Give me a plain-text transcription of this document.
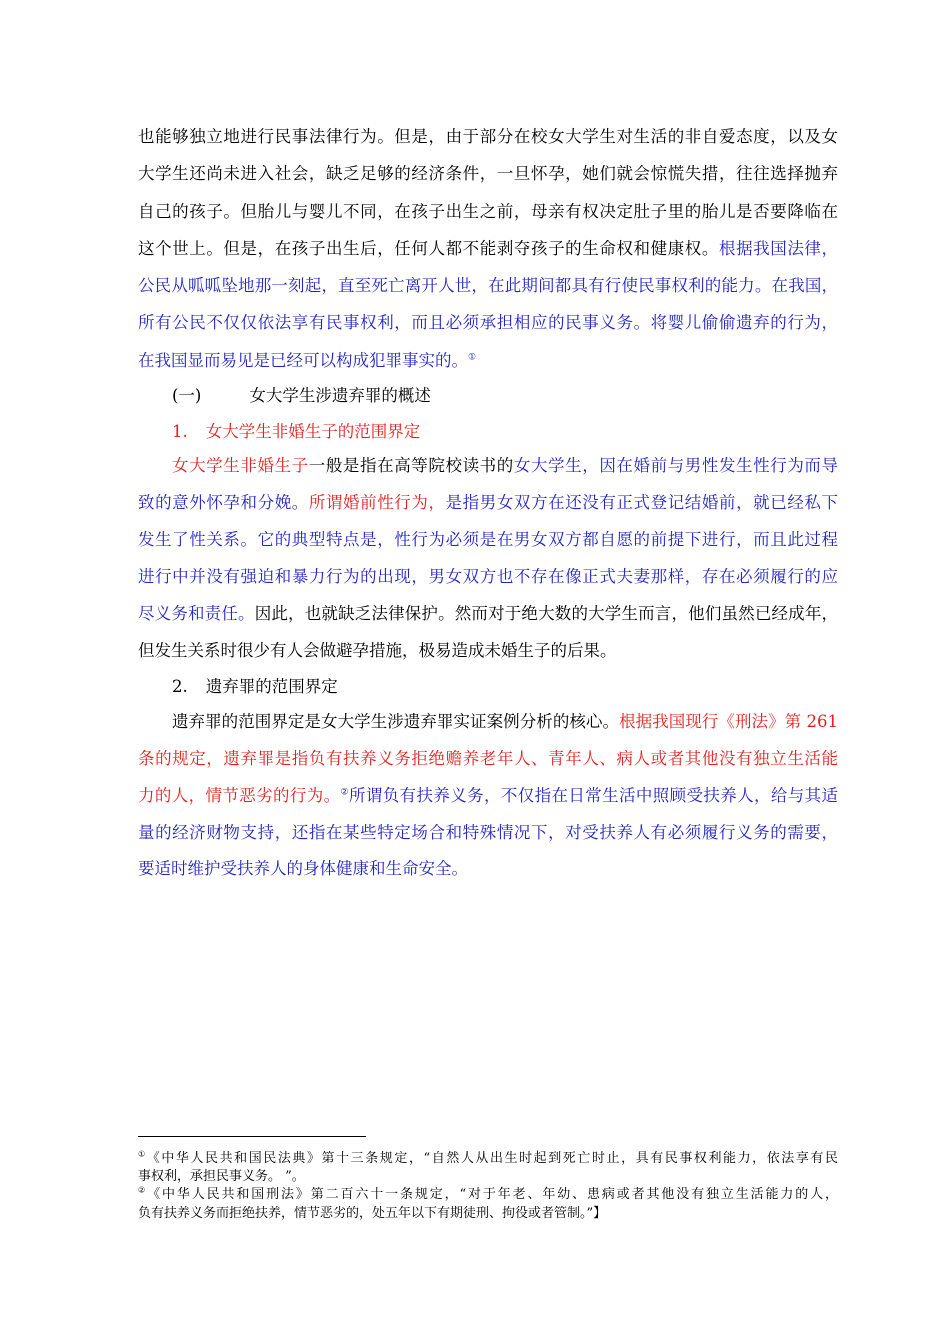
也能够独立地进行民事法律行为。但是，由于部分在校女大学生对生活的非自爱态度，以及女
大学生还尚未进入社会，缺乏足够的经济条件，一旦怀孕，她们就会惊慌失措，往往选择抛弃
自己的孩子。但胎儿与婴儿不同，在孩子出生之前，母亲有权决定肚子里的胎儿是否要降临在
这个世上。但是，在孩子出生后，任何人都不能剥夺孩子的生命权和健康权。根据我国法律，
公民从呱呱坠地那一刻起，直至死亡离开人世，在此期间都具有行使民事权利的能力。在我国，
所有公民不仅仅依法享有民事权利，而且必须承担相应的民事义务。将婴儿偷偷遗弃的行为，
在我国显而易见是已经可以构成犯罪事实的。①
(一)	女大学生涉遗弃罪的概述
1. 女大学生非婚生子的范围界定
女大学生非婚生子一般是指在高等院校读书的女大学生，因在婚前与男性发生性行为而导
致的意外怀孕和分娩。所谓婚前性行为，是指男女双方在还没有正式登记结婚前，就已经私下
发生了性关系。它的典型特点是，性行为必须是在男女双方都自愿的前提下进行，而且此过程
进行中并没有强迫和暴力行为的出现，男女双方也不存在像正式夫妻那样，存在必须履行的应
尽义务和责任。因此，也就缺乏法律保护。然而对于绝大数的大学生而言，他们虽然已经成年，
但发生关系时很少有人会做避孕措施，极易造成未婚生子的后果。
2. 遗弃罪的范围界定
遗弃罪的范围界定是女大学生涉遗弃罪实证案例分析的核心。根据我国现行《刑法》第 261
条的规定，遗弃罪是指负有扶养义务拒绝赡养老年人、青年人、病人或者其他没有独立生活能
力的人，情节恶劣的行为。②所谓负有扶养义务，不仅指在日常生活中照顾受扶养人，给与其适
量的经济财物支持，还指在某些特定场合和特殊情况下，对受扶养人有必须履行义务的需要，
要适时维护受扶养人的身体健康和生命安全。
①《中华人民共和国民法典》第十三条规定，“自然人从出生时起到死亡时止，具有民事权利能力，依法享有民
事权利，承担民事义务。 ”。
②《中华人民共和国刑法》第二百六十一条规定，“对于年老、年幼、患病或者其他没有独立生活能力的人，
负有扶养义务而拒绝扶养，情节恶劣的，处五年以下有期徒刑、拘役或者管制。”】
